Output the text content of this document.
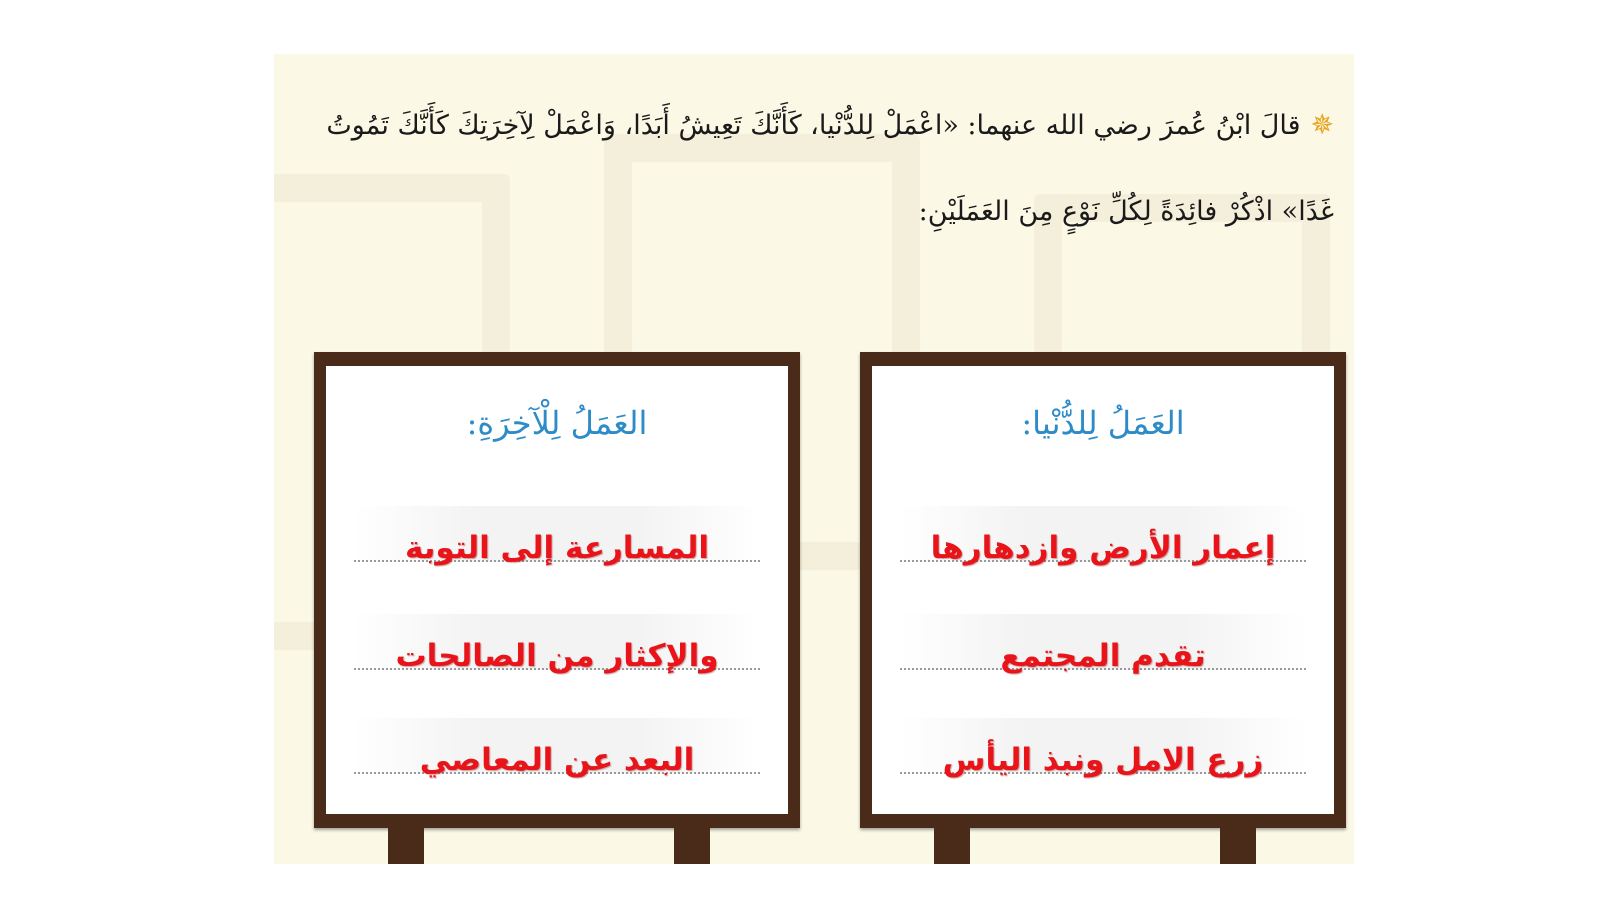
✵قالَ ابْنُ عُمرَ رضي الله عنهما: «اعْمَلْ لِلدُّنْيا، كَأَنَّكَ تَعِيشُ أَبَدًا، وَاعْمَلْ لِآخِرَتِكَ كَأَنَّكَ تَمُوتُ غَدًا» اذْكُرْ فائِدَةً لِكُلِّ نَوْعٍ مِنَ العَمَلَيْنِ:
العَمَلُ لِلدُّنْيا:
إعمار الأرض وازدهارها
تقدم المجتمع
زرع الامل ونبذ اليأس
العَمَلُ لِلْآخِرَةِ:
المسارعة إلى التوبة
والإكثار من الصالحات
البعد عن المعاصي
